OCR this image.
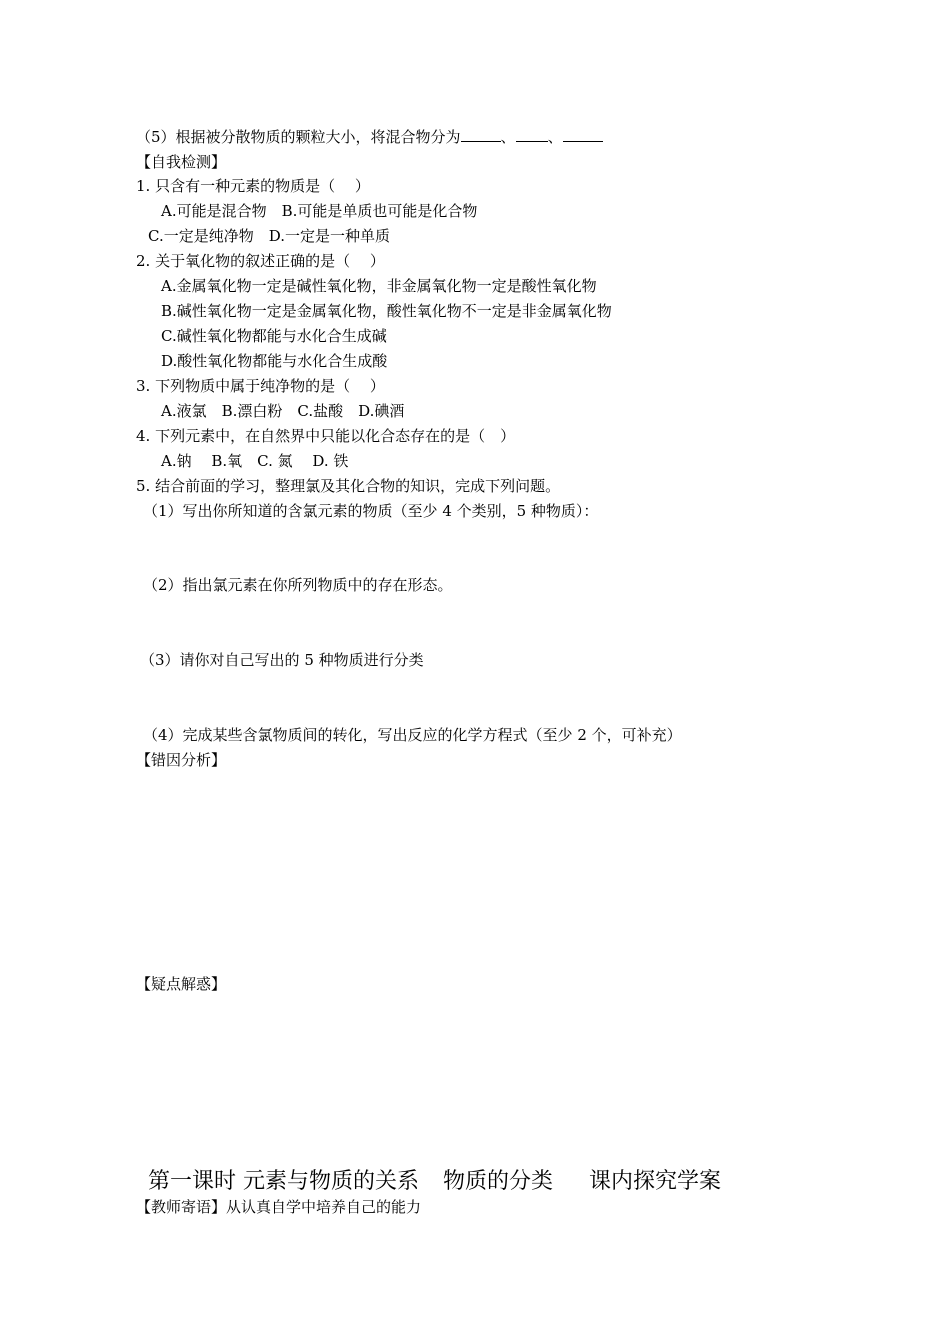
（5）根据被分散物质的颗粒大小，将混合物分为	、 、
【自我检测】
1. 只含有一种元素的物质是（　 ）
A.可能是混合物　B.可能是单质也可能是化合物
C.一定是纯净物　D.一定是一种单质
2. 关于氧化物的叙述正确的是（　 ）
A.金属氧化物一定是碱性氧化物，非金属氧化物一定是酸性氧化物
B.碱性氧化物一定是金属氧化物，酸性氧化物不一定是非金属氧化物
C.碱性氧化物都能与水化合生成碱
D.酸性氧化物都能与水化合生成酸
3. 下列物质中属于纯净物的是（　 ）
A.液氯　B.漂白粉　C.盐酸　D.碘酒
4. 下列元素中，在自然界中只能以化合态存在的是（　）
A.钠　 B.氧　C. 氮　 D. 铁
5. 结合前面的学习，整理氯及其化合物的知识，完成下列问题。
（1）写出你所知道的含氯元素的物质（至少 4 个类别，5 种物质）：
（2）指出氯元素在你所列物质中的存在形态。
（3）请你对自己写出的 5 种物质进行分类
（4）完成某些含氯物质间的转化，写出反应的化学方程式（至少 2 个，可补充）
【错因分析】
【疑点解惑】
第一课时 元素与物质的关系 物质的分类 课内探究学案
【教师寄语】从认真自学中培养自己的能力
